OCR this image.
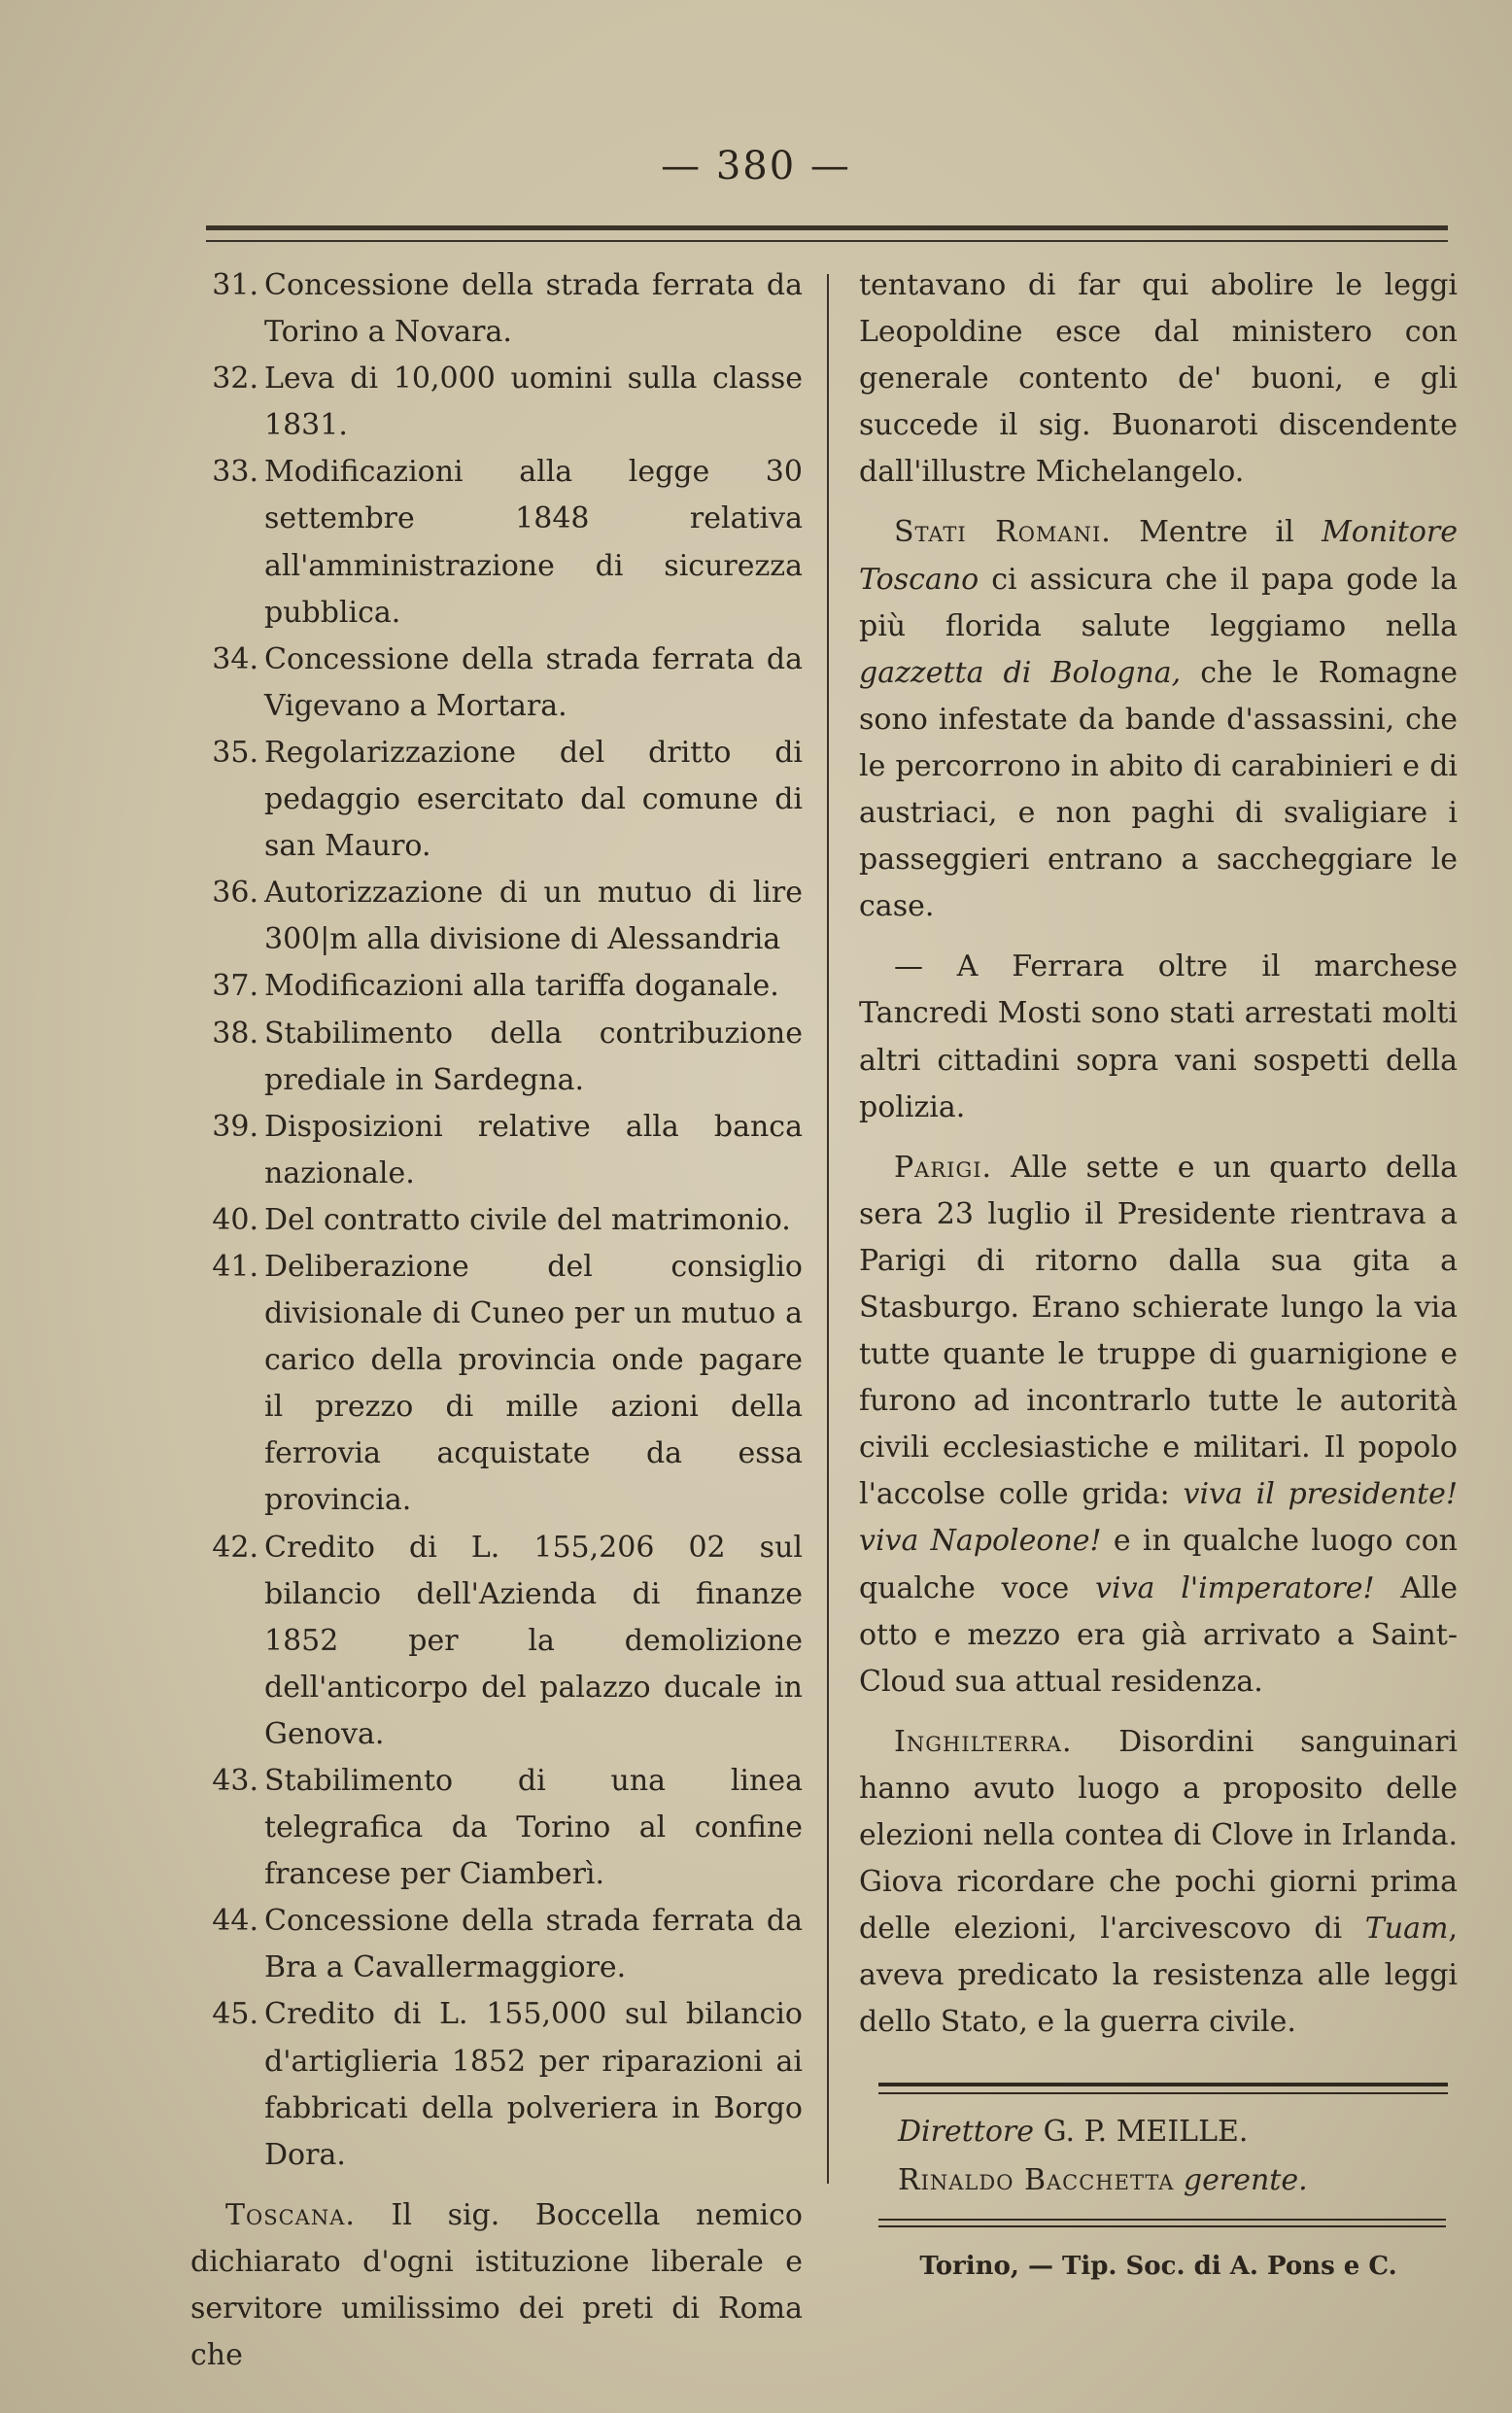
— 380 —
31. Concessione della strada ferrata da Torino a Novara.
32. Leva di 10,000 uomini sulla classe 1831.
33. Modificazioni alla legge 30 settembre 1848 relativa all'amministrazione di sicurezza pubblica.
34. Concessione della strada ferrata da Vigevano a Mortara.
35. Regolarizzazione del dritto di pedaggio esercitato dal comune di san Mauro.
36. Autorizzazione di un mutuo di lire 300|m alla divisione di Alessandria
37. Modificazioni alla tariffa doganale.
38. Stabilimento della contribuzione prediale in Sardegna.
39. Disposizioni relative alla banca nazionale.
40. Del contratto civile del matrimonio.
41. Deliberazione del consiglio divisionale di Cuneo per un mutuo a carico della provincia onde pagare il prezzo di mille azioni della ferrovia acquistate da essa provincia.
42. Credito di L. 155,206 02 sul bilancio dell'Azienda di finanze 1852 per la demolizione dell'anticorpo del palazzo ducale in Genova.
43. Stabilimento di una linea telegrafica da Torino al confine francese per Ciamberì.
44. Concessione della strada ferrata da Bra a Cavallermaggiore.
45. Credito di L. 155,000 sul bilancio d'artiglieria 1852 per riparazioni ai fabbricati della polveriera in Borgo Dora.

Toscana. Il sig. Boccella nemico dichiarato d'ogni istituzione liberale e servitore umilissimo dei preti di Roma che

tentavano di far qui abolire le leggi Leopoldine esce dal ministero con generale contento de' buoni, e gli succede il sig. Buonaroti discendente dall'illustre Michelangelo.

Stati Romani. Mentre il Monitore Toscano ci assicura che il papa gode la più florida salute leggiamo nella gazzetta di Bologna, che le Romagne sono infestate da bande d'assassini, che le percorrono in abito di carabinieri e di austriaci, e non paghi di svaligiare i passeggieri entrano a saccheggiare le case.

— A Ferrara oltre il marchese Tancredi Mosti sono stati arrestati molti altri cittadini sopra vani sospetti della polizia.

Parigi. Alle sette e un quarto della sera 23 luglio il Presidente rientrava a Parigi di ritorno dalla sua gita a Stasburgo. Erano schierate lungo la via tutte quante le truppe di guarnigione e furono ad incontrarlo tutte le autorità civili ecclesiastiche e militari. Il popolo l'accolse colle grida: viva il presidente! viva Napoleone! e in qualche luogo con qualche voce viva l'imperatore! Alle otto e mezzo era già arrivato a Saint-Cloud sua attual residenza.

Inghilterra. Disordini sanguinari hanno avuto luogo a proposito delle elezioni nella contea di Clove in Irlanda. Giova ricordare che pochi giorni prima delle elezioni, l'arcivescovo di Tuam, aveva predicato la resistenza alle leggi dello Stato, e la guerra civile.

Direttore G. P. MEILLE.
Rinaldo Bacchetta gerente.
Torino, — Tip. Soc. di A. Pons e C.
